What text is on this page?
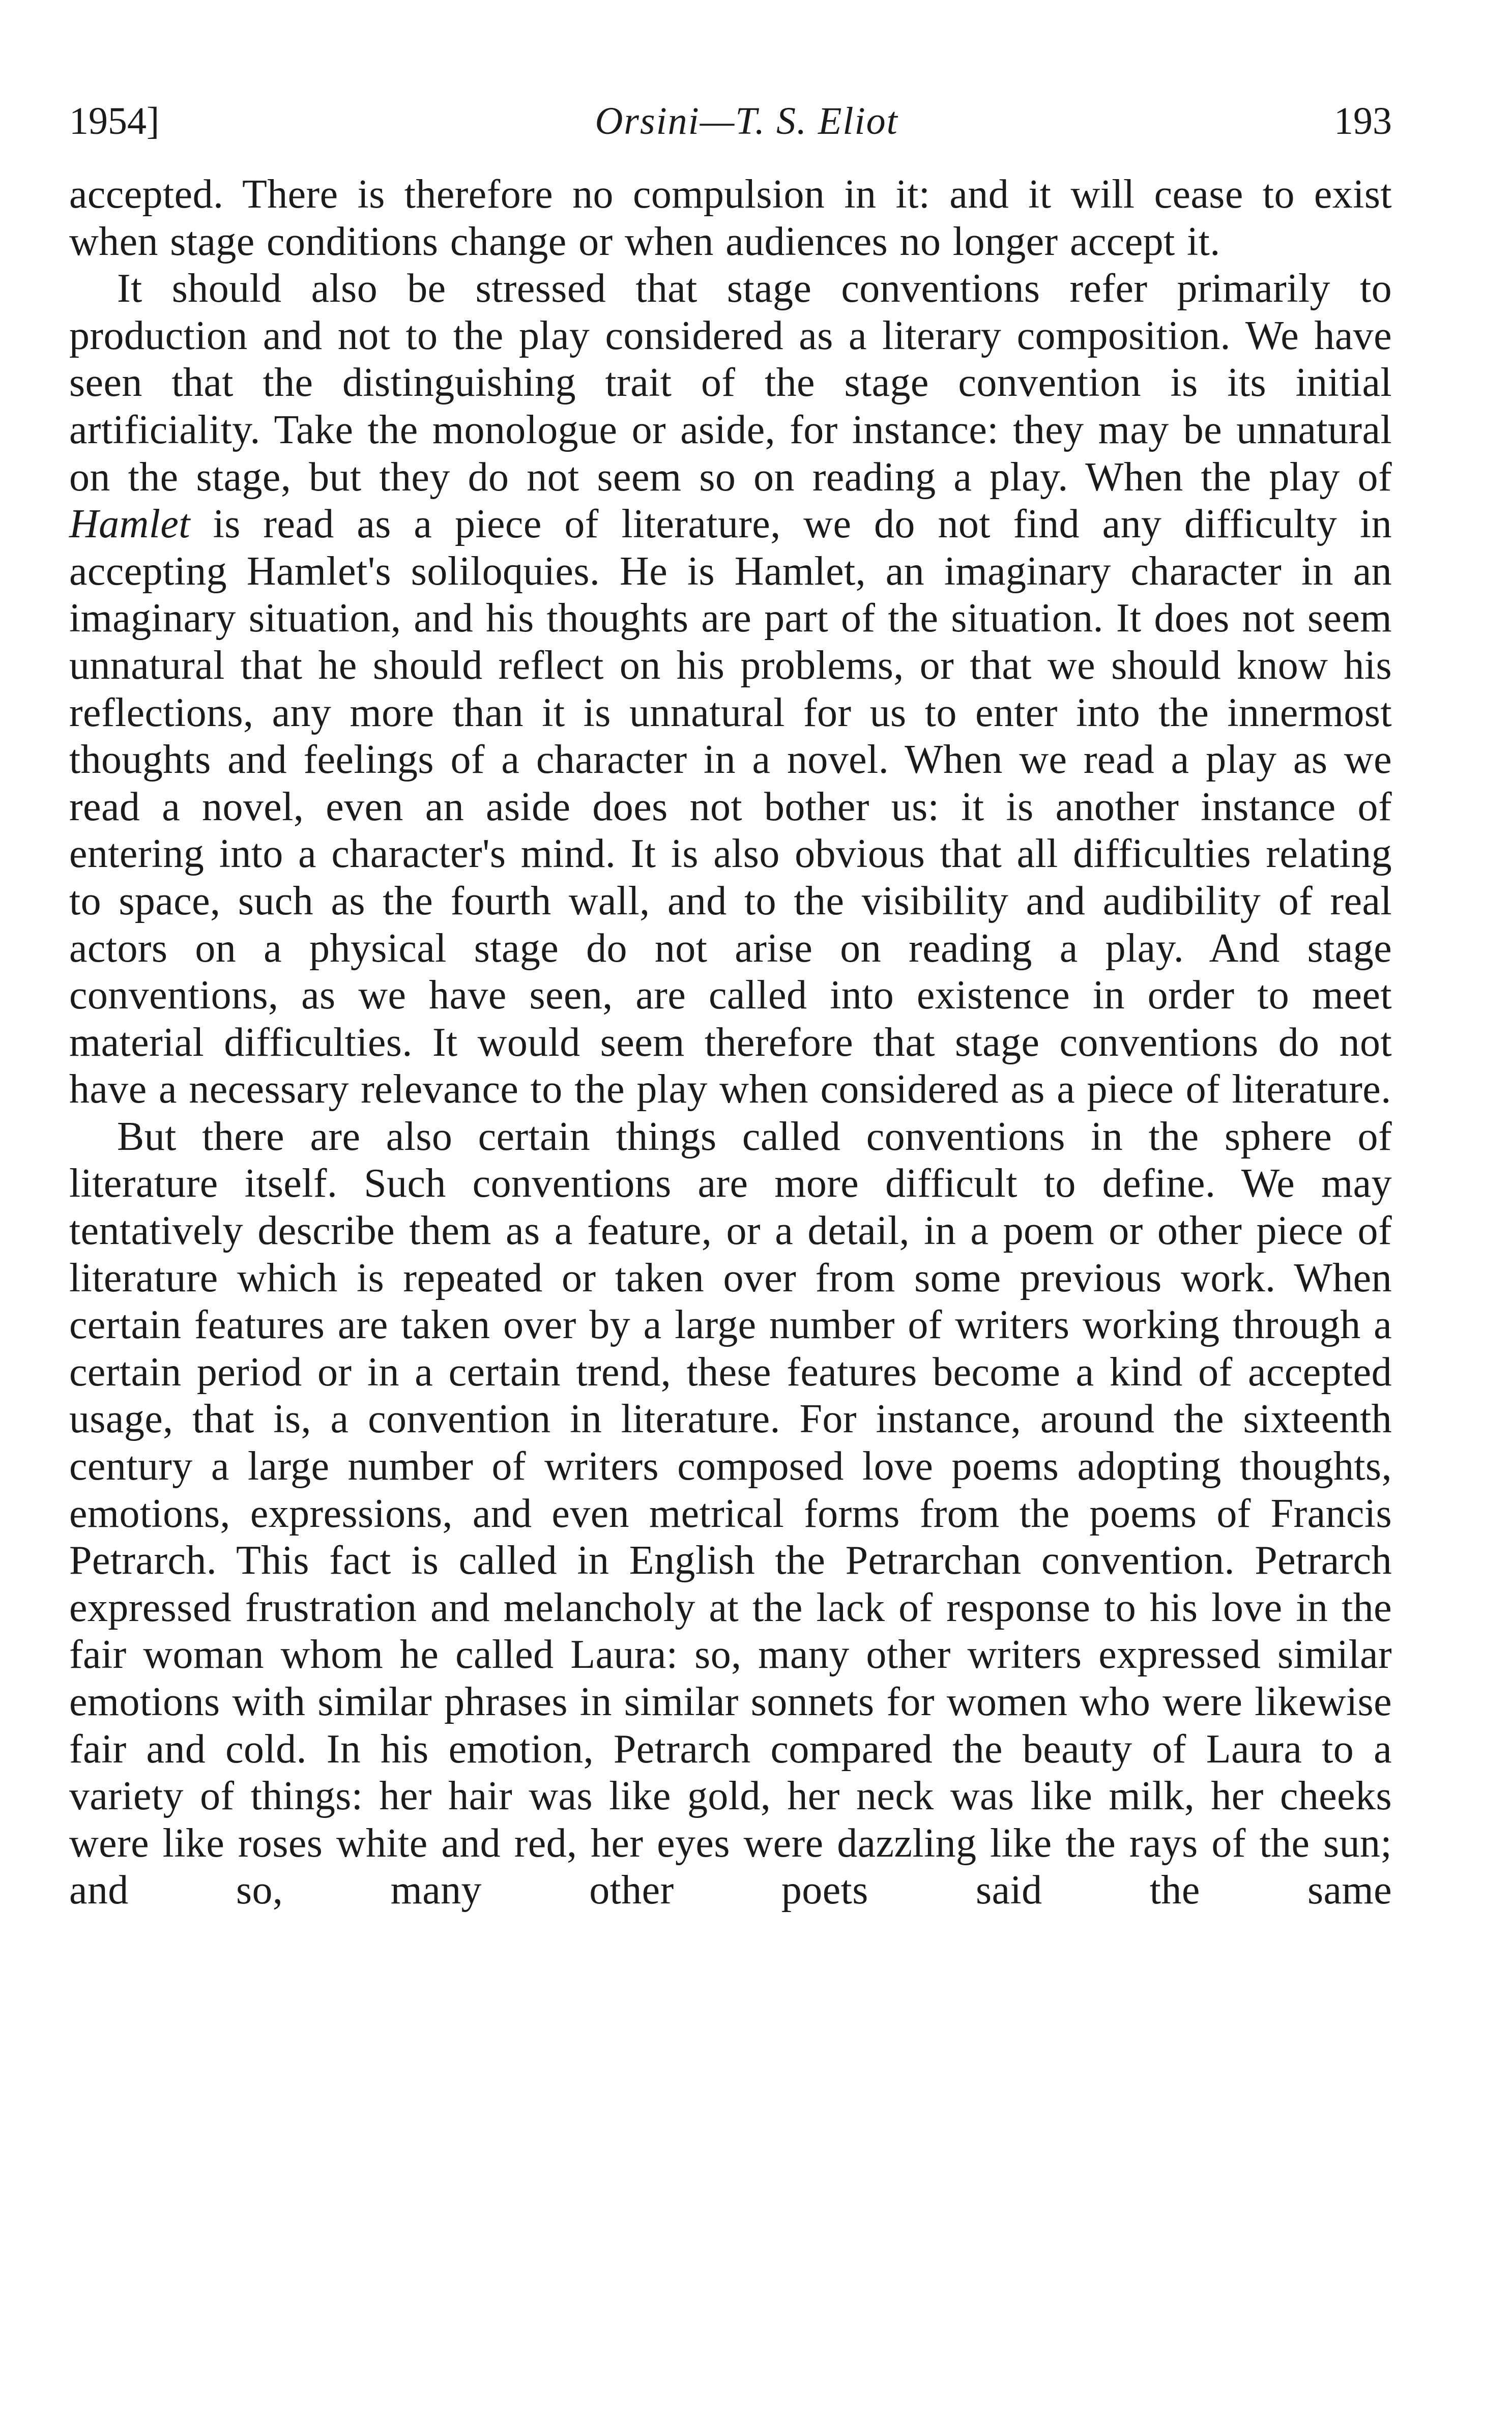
1954]	Orsini—T. S. Eliot	193

accepted. There is therefore no compulsion in it: and it will cease to exist when stage conditions change or when audiences no longer accept it.

It should also be stressed that stage conventions refer primarily to production and not to the play considered as a literary composition. We have seen that the distinguishing trait of the stage convention is its initial artificiality. Take the monologue or aside, for instance: they may be unnatural on the stage, but they do not seem so on reading a play. When the play of Hamlet is read as a piece of literature, we do not find any difficulty in accepting Hamlet's soliloquies. He is Hamlet, an imaginary character in an imaginary situation, and his thoughts are part of the situation. It does not seem unnatural that he should reflect on his problems, or that we should know his reflections, any more than it is unnatural for us to enter into the innermost thoughts and feelings of a character in a novel. When we read a play as we read a novel, even an aside does not bother us: it is another instance of entering into a character's mind. It is also obvious that all difficulties relating to space, such as the fourth wall, and to the visibility and audibility of real actors on a physical stage do not arise on reading a play. And stage conventions, as we have seen, are called into existence in order to meet material difficulties. It would seem therefore that stage conventions do not have a necessary relevance to the play when considered as a piece of literature.

But there are also certain things called conventions in the sphere of literature itself. Such conventions are more difficult to define. We may tentatively describe them as a feature, or a detail, in a poem or other piece of literature which is repeated or taken over from some previous work. When certain features are taken over by a large number of writers working through a certain period or in a certain trend, these features become a kind of accepted usage, that is, a convention in literature. For instance, around the sixteenth century a large number of writers composed love poems adopting thoughts, emotions, expressions, and even metrical forms from the poems of Francis Petrarch. This fact is called in English the Petrarchan convention. Petrarch expressed frustration and melancholy at the lack of response to his love in the fair woman whom he called Laura: so, many other writers expressed similar emotions with similar phrases in similar sonnets for women who were likewise fair and cold. In his emotion, Petrarch compared the beauty of Laura to a variety of things: her hair was like gold, her neck was like milk, her cheeks were like roses white and red, her eyes were dazzling like the rays of the sun; and so, many other poets said the same
